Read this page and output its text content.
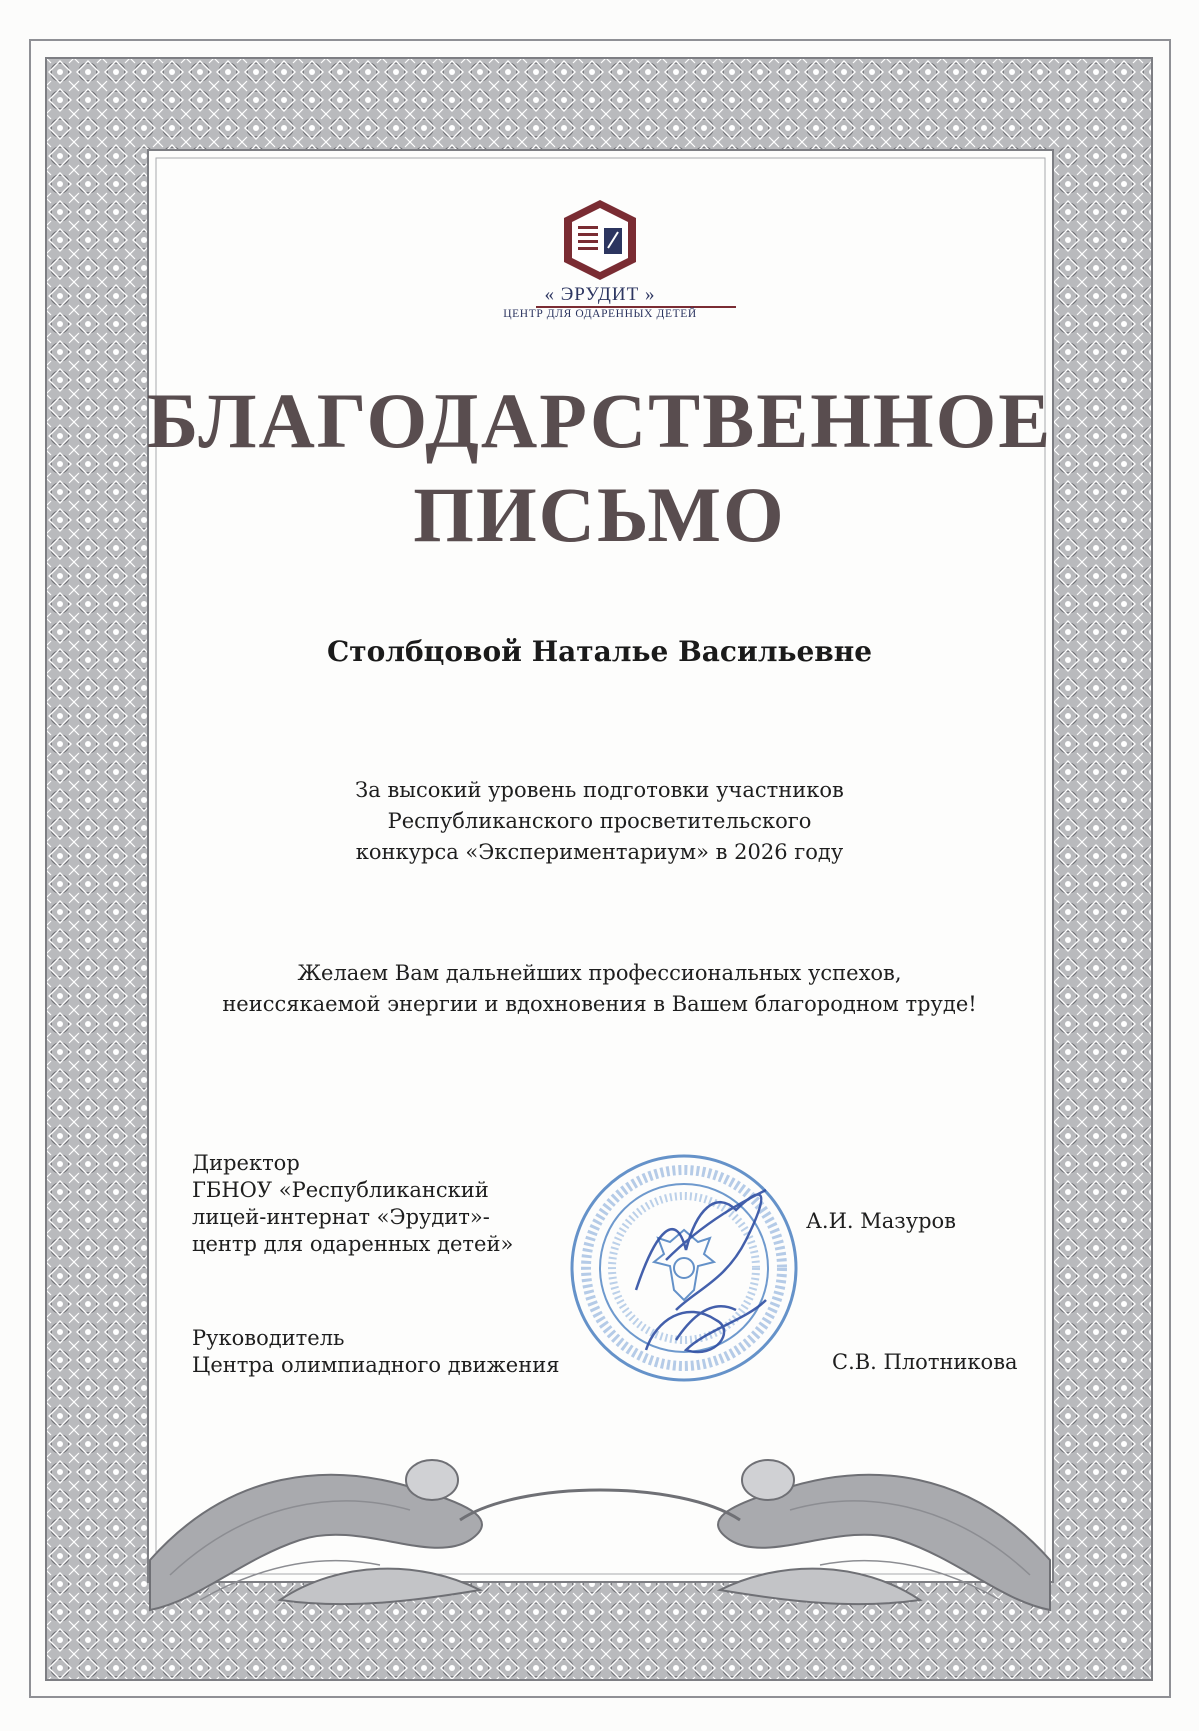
« ЭРУДИТ »
ЦЕНТР ДЛЯ ОДАРЕННЫХ ДЕТЕЙ
БЛАГОДАРСТВЕННОЕ
ПИСЬМО
Столбцовой Наталье Васильевне
За высокий уровень подготовки участников
Республиканского просветительского
конкурса «Экспериментариум» в 2026 году
Желаем Вам дальнейших профессиональных успехов,
неиссякаемой энергии и вдохновения в Вашем благородном труде!
Директор
ГБНОУ «Республиканский
лицей-интернат «Эрудит»-
центр для одаренных детей»
А.И. Мазуров
Руководитель
Центра олимпиадного движения	С.В. Плотникова
